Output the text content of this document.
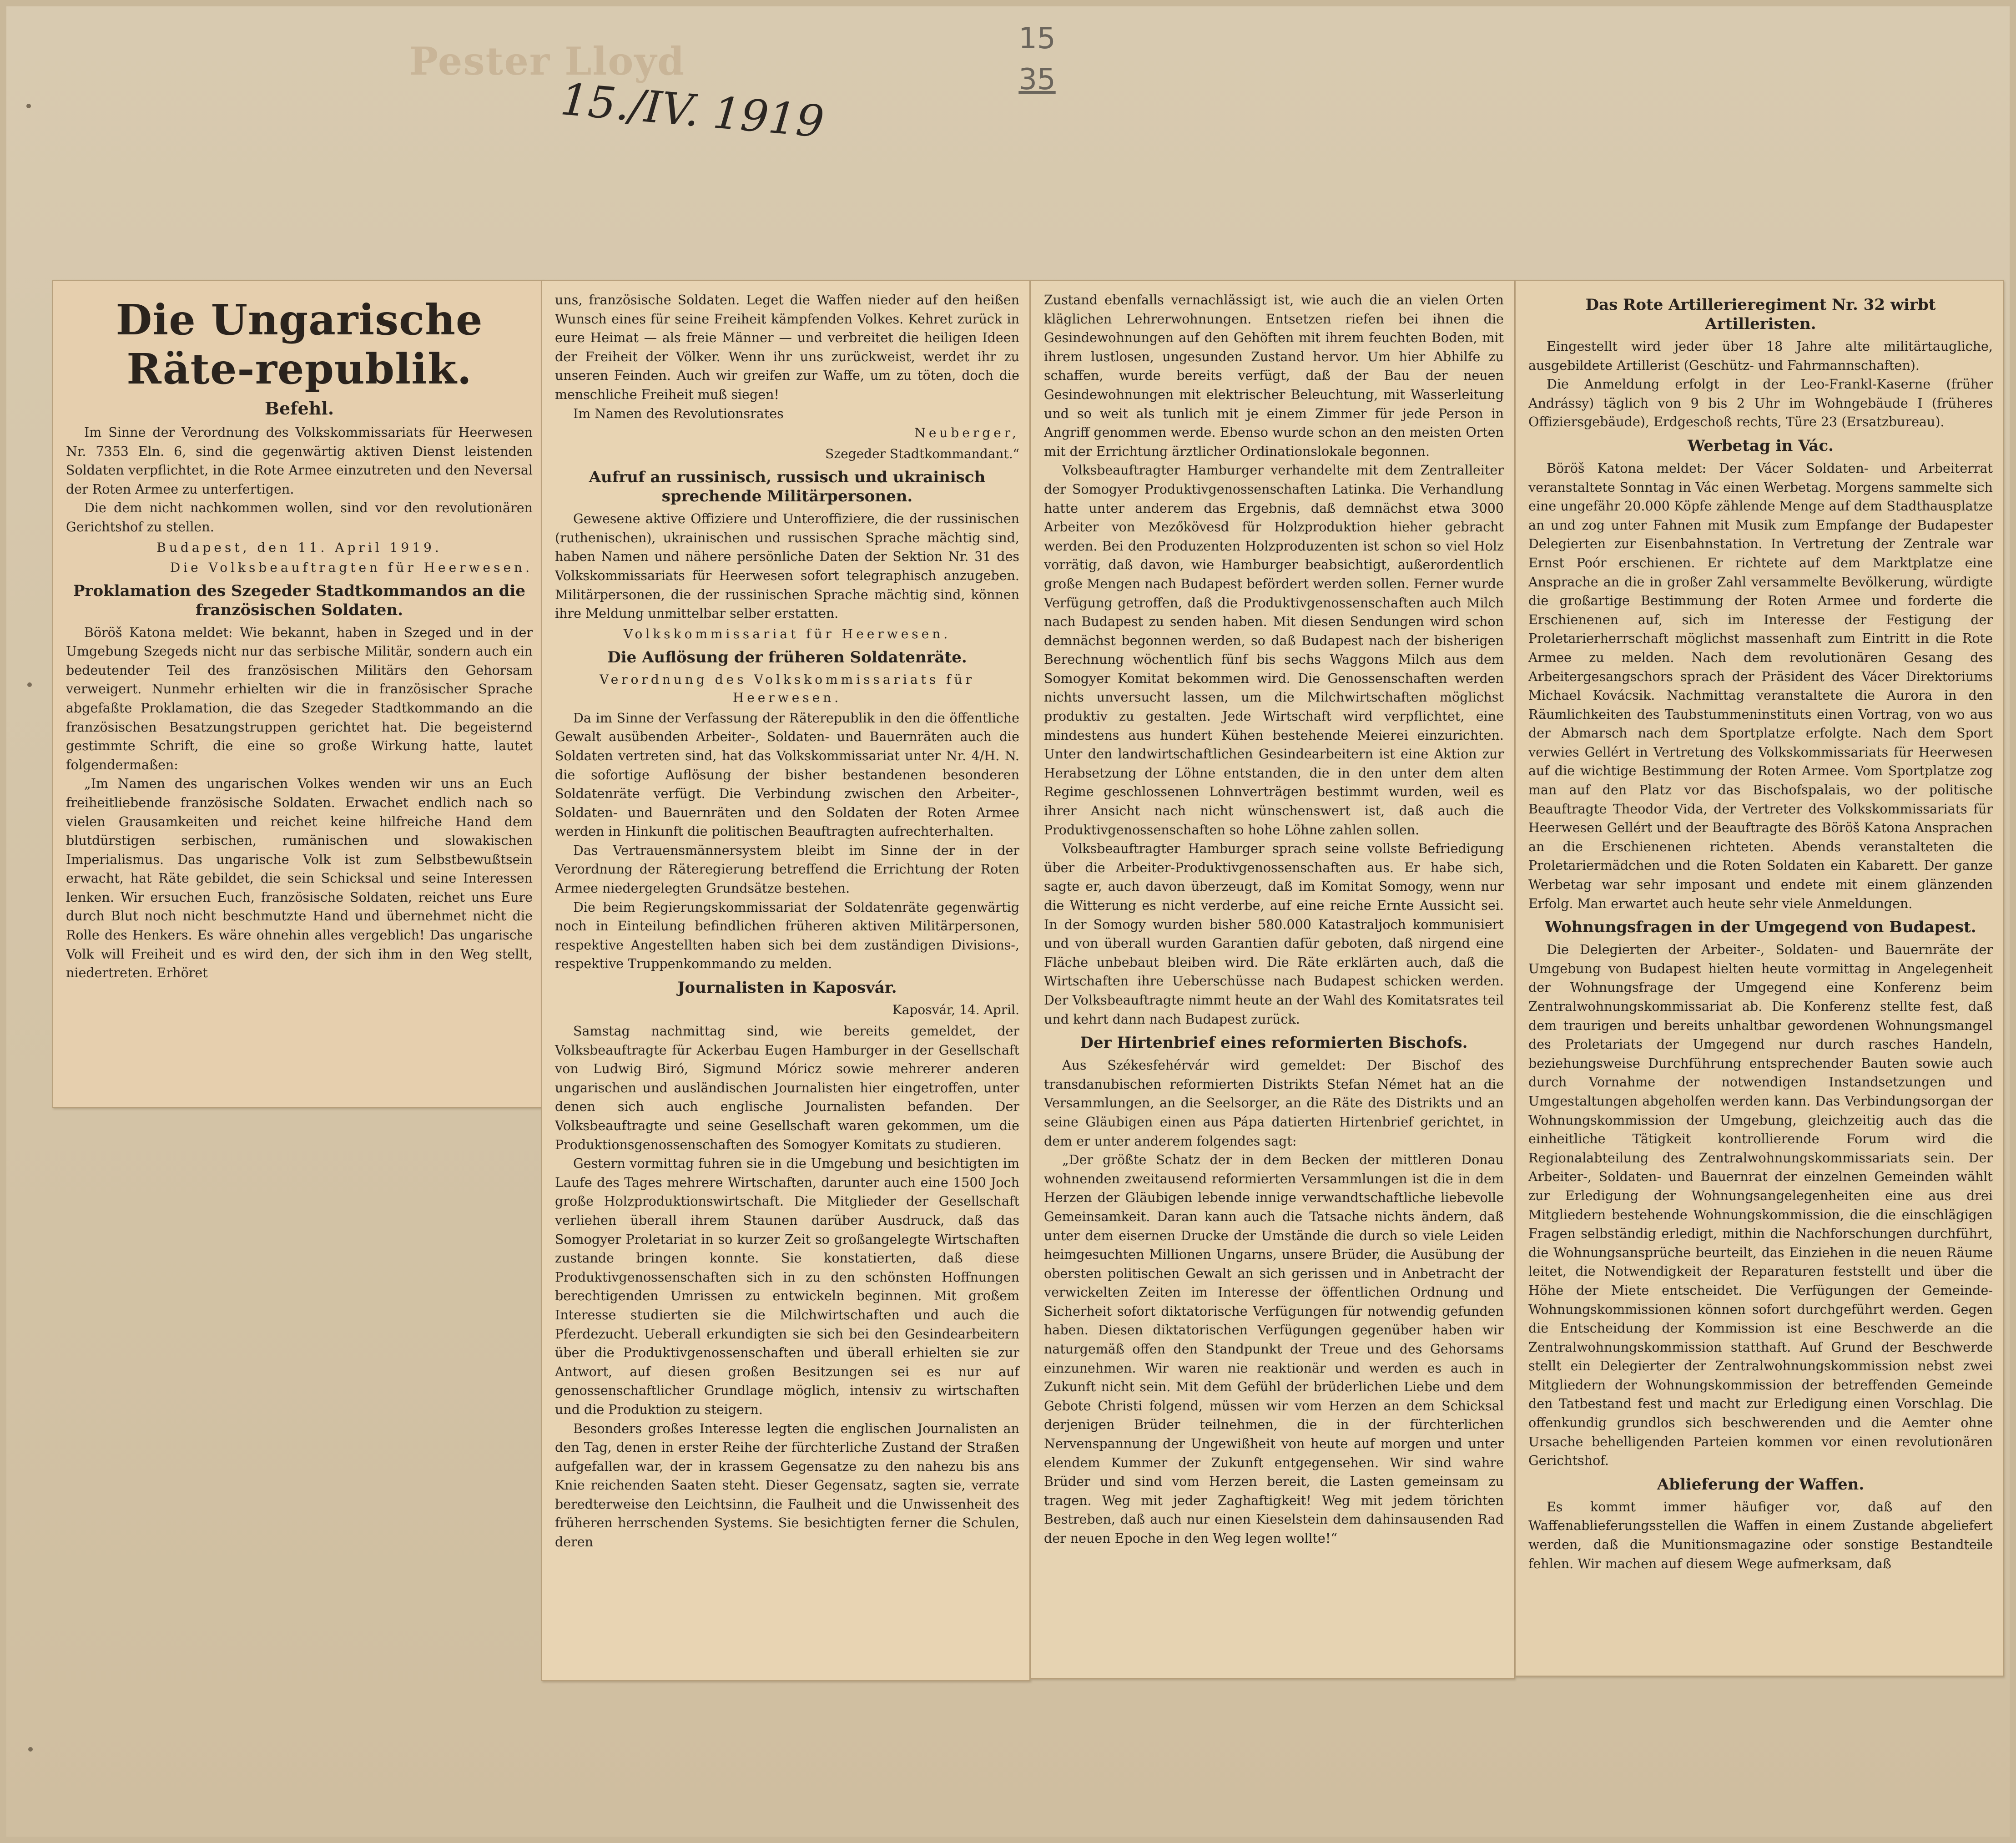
Pester Lloyd
15./IV. 1919
15
35
Die Ungarische Räte-republik.
Befehl.

Im Sinne der Verordnung des Volkskommissariats für Heerwesen Nr. 7353 Eln. 6, sind die gegenwärtig aktiven Dienst leistenden Soldaten verpflichtet, in die Rote Armee einzutreten und den Neversal der Roten Armee zu unterfertigen.

Die dem nicht nachkommen wollen, sind vor den revolutionären Gerichtshof zu stellen.

Budapest, den 11. April 1919.
Die Volksbeauftragten für Heerwesen.
Proklamation des Szegeder Stadtkommandos an die französischen Soldaten.

Böröš Katona meldet: Wie bekannt, haben in Szeged und in der Umgebung Szegeds nicht nur das serbische Militär, sondern auch ein bedeutender Teil des französischen Militärs den Gehorsam verweigert. Nunmehr erhielten wir die in französischer Sprache abgefaßte Proklamation, die das Szegeder Stadtkommando an die französischen Besatzungstruppen gerichtet hat. Die begeisternd gestimmte Schrift, die eine so große Wirkung hatte, lautet folgendermaßen:

„Im Namen des ungarischen Volkes wenden wir uns an Euch freiheitliebende französische Soldaten. Erwachet endlich nach so vielen Grausamkeiten und reichet keine hilfreiche Hand dem blutdürstigen serbischen, rumänischen und slowakischen Imperialismus. Das ungarische Volk ist zum Selbstbewußtsein erwacht, hat Räte gebildet, die sein Schicksal und seine Interessen lenken. Wir ersuchen Euch, französische Soldaten, reichet uns Eure durch Blut noch nicht beschmutzte Hand und übernehmet nicht die Rolle des Henkers. Es wäre ohnehin alles vergeblich! Das ungarische Volk will Freiheit und es wird den, der sich ihm in den Weg stellt, niedertreten. Erhöret

uns, französische Soldaten. Leget die Waffen nieder auf den heißen Wunsch eines für seine Freiheit kämpfenden Volkes. Kehret zurück in eure Heimat — als freie Männer — und verbreitet die heiligen Ideen der Freiheit der Völker. Wenn ihr uns zurückweist, werdet ihr zu unseren Feinden. Auch wir greifen zur Waffe, um zu töten, doch die menschliche Freiheit muß siegen!

Im Namen des Revolutionsrates

Neuberger,
Szegeder Stadtkommandant.“
Aufruf an russinisch, russisch und ukrainisch sprechende Militärpersonen.

Gewesene aktive Offiziere und Unteroffiziere, die der russinischen (ruthenischen), ukrainischen und russischen Sprache mächtig sind, haben Namen und nähere persönliche Daten der Sektion Nr. 31 des Volkskommissariats für Heerwesen sofort telegraphisch anzugeben. Militärpersonen, die der russinischen Sprache mächtig sind, können ihre Meldung unmittelbar selber erstatten.

Volkskommissariat für Heerwesen.
Die Auflösung der früheren Soldatenräte.
Verordnung des Volkskommissariats für Heerwesen.

Da im Sinne der Verfassung der Räterepublik in den die öffentliche Gewalt ausübenden Arbeiter-, Soldaten- und Bauernräten auch die Soldaten vertreten sind, hat das Volkskommissariat unter Nr. 4/H. N. die sofortige Auflösung der bisher bestandenen besonderen Soldatenräte verfügt. Die Verbindung zwischen den Arbeiter-, Soldaten- und Bauernräten und den Soldaten der Roten Armee werden in Hinkunft die politischen Beauftragten aufrechterhalten.

Das Vertrauensmännersystem bleibt im Sinne der in der Verordnung der Räteregierung betreffend die Errichtung der Roten Armee niedergelegten Grundsätze bestehen.

Die beim Regierungskommissariat der Soldatenräte gegenwärtig noch in Einteilung befindlichen früheren aktiven Militärpersonen, respektive Angestellten haben sich bei dem zuständigen Divisions-, respektive Truppenkommando zu melden.

Journalisten in Kaposvár.
Kaposvár, 14. April.

Samstag nachmittag sind, wie bereits gemeldet, der Volksbeauftragte für Ackerbau Eugen Hamburger in der Gesellschaft von Ludwig Biró, Sigmund Móricz sowie mehrerer anderen ungarischen und ausländischen Journalisten hier eingetroffen, unter denen sich auch englische Journalisten befanden. Der Volksbeauftragte und seine Gesellschaft waren gekommen, um die Produktionsgenossenschaften des Somogyer Komitats zu studieren.

Gestern vormittag fuhren sie in die Umgebung und besichtigten im Laufe des Tages mehrere Wirtschaften, darunter auch eine 1500 Joch große Holzproduktionswirtschaft. Die Mitglieder der Gesellschaft verliehen überall ihrem Staunen darüber Ausdruck, daß das Somogyer Proletariat in so kurzer Zeit so großangelegte Wirtschaften zustande bringen konnte. Sie konstatierten, daß diese Produktivgenossenschaften sich in zu den schönsten Hoffnungen berechtigenden Umrissen zu entwickeln beginnen. Mit großem Interesse studierten sie die Milchwirtschaften und auch die Pferdezucht. Ueberall erkundigten sie sich bei den Gesindearbeitern über die Produktivgenossenschaften und überall erhielten sie zur Antwort, auf diesen großen Besitzungen sei es nur auf genossenschaftlicher Grundlage möglich, intensiv zu wirtschaften und die Produktion zu steigern.

Besonders großes Interesse legten die englischen Journalisten an den Tag, denen in erster Reihe der fürchterliche Zustand der Straßen aufgefallen war, der in krassem Gegensatze zu den nahezu bis ans Knie reichenden Saaten steht. Dieser Gegensatz, sagten sie, verrate beredterweise den Leichtsinn, die Faulheit und die Unwissenheit des früheren herrschenden Systems. Sie besichtigten ferner die Schulen, deren

Zustand ebenfalls vernachlässigt ist, wie auch die an vielen Orten kläglichen Lehrerwohnungen. Entsetzen riefen bei ihnen die Gesindewohnungen auf den Gehöften mit ihrem feuchten Boden, mit ihrem lustlosen, ungesunden Zustand hervor. Um hier Abhilfe zu schaffen, wurde bereits verfügt, daß der Bau der neuen Gesindewohnungen mit elektrischer Beleuchtung, mit Wasserleitung und so weit als tunlich mit je einem Zimmer für jede Person in Angriff genommen werde. Ebenso wurde schon an den meisten Orten mit der Errichtung ärztlicher Ordinationslokale begonnen.

Volksbeauftragter Hamburger verhandelte mit dem Zentralleiter der Somogyer Produktivgenossenschaften Latinka. Die Verhandlung hatte unter anderem das Ergebnis, daß demnächst etwa 3000 Arbeiter von Mezőkövesd für Holzproduktion hieher gebracht werden. Bei den Produzenten Holzproduzenten ist schon so viel Holz vorrätig, daß davon, wie Hamburger beabsichtigt, außerordentlich große Mengen nach Budapest befördert werden sollen. Ferner wurde Verfügung getroffen, daß die Produktivgenossenschaften auch Milch nach Budapest zu senden haben. Mit diesen Sendungen wird schon demnächst begonnen werden, so daß Budapest nach der bisherigen Berechnung wöchentlich fünf bis sechs Waggons Milch aus dem Somogyer Komitat bekommen wird. Die Genossenschaften werden nichts unversucht lassen, um die Milchwirtschaften möglichst produktiv zu gestalten. Jede Wirtschaft wird verpflichtet, eine mindestens aus hundert Kühen bestehende Meierei einzurichten. Unter den landwirtschaftlichen Gesindearbeitern ist eine Aktion zur Herabsetzung der Löhne entstanden, die in den unter dem alten Regime geschlossenen Lohnverträgen bestimmt wurden, weil es ihrer Ansicht nach nicht wünschenswert ist, daß auch die Produktivgenossenschaften so hohe Löhne zahlen sollen.

Volksbeauftragter Hamburger sprach seine vollste Befriedigung über die Arbeiter-Produktivgenossenschaften aus. Er habe sich, sagte er, auch davon überzeugt, daß im Komitat Somogy, wenn nur die Witterung es nicht verderbe, auf eine reiche Ernte Aussicht sei. In der Somogy wurden bisher 580.000 Katastraljoch kommunisiert und von überall wurden Garantien dafür geboten, daß nirgend eine Fläche unbebaut bleiben wird. Die Räte erklärten auch, daß die Wirtschaften ihre Ueberschüsse nach Budapest schicken werden. Der Volksbeauftragte nimmt heute an der Wahl des Komitatsrates teil und kehrt dann nach Budapest zurück.

Der Hirtenbrief eines reformierten Bischofs.

Aus Székesfehérvár wird gemeldet: Der Bischof des transdanubischen reformierten Distrikts Stefan Német hat an die Versammlungen, an die Seelsorger, an die Räte des Distrikts und an seine Gläubigen einen aus Pápa datierten Hirtenbrief gerichtet, in dem er unter anderem folgendes sagt:

„Der größte Schatz der in dem Becken der mittleren Donau wohnenden zweitausend reformierten Versammlungen ist die in dem Herzen der Gläubigen lebende innige verwandtschaftliche liebevolle Gemeinsamkeit. Daran kann auch die Tatsache nichts ändern, daß unter dem eisernen Drucke der Umstände die durch so viele Leiden heimgesuchten Millionen Ungarns, unsere Brüder, die Ausübung der obersten politischen Gewalt an sich gerissen und in Anbetracht der verwickelten Zeiten im Interesse der öffentlichen Ordnung und Sicherheit sofort diktatorische Verfügungen für notwendig gefunden haben. Diesen diktatorischen Verfügungen gegenüber haben wir naturgemäß offen den Standpunkt der Treue und des Gehorsams einzunehmen. Wir waren nie reaktionär und werden es auch in Zukunft nicht sein. Mit dem Gefühl der brüderlichen Liebe und dem Gebote Christi folgend, müssen wir vom Herzen an dem Schicksal derjenigen Brüder teilnehmen, die in der fürchterlichen Nervenspannung der Ungewißheit von heute auf morgen und unter elendem Kummer der Zukunft entgegensehen. Wir sind wahre Brüder und sind vom Herzen bereit, die Lasten gemeinsam zu tragen. Weg mit jeder Zaghaftigkeit! Weg mit jedem törichten Bestreben, daß auch nur einen Kieselstein dem dahinsausenden Rad der neuen Epoche in den Weg legen wollte!“

Das Rote Artillerieregiment Nr. 32 wirbt Artilleristen.

Eingestellt wird jeder über 18 Jahre alte militärtaugliche, ausgebildete Artillerist (Geschütz- und Fahrmannschaften).

Die Anmeldung erfolgt in der Leo-Frankl-Kaserne (früher Andrássy) täglich von 9 bis 2 Uhr im Wohngebäude I (früheres Offiziersgebäude), Erdgeschoß rechts, Türe 23 (Ersatzbureau).

Werbetag in Vác.

Böröš Katona meldet: Der Vácer Soldaten- und Arbeiterrat veranstaltete Sonntag in Vác einen Werbetag. Morgens sammelte sich eine ungefähr 20.000 Köpfe zählende Menge auf dem Stadthausplatze an und zog unter Fahnen mit Musik zum Empfange der Budapester Delegierten zur Eisenbahnstation. In Vertretung der Zentrale war Ernst Poór erschienen. Er richtete auf dem Marktplatze eine Ansprache an die in großer Zahl versammelte Bevölkerung, würdigte die großartige Bestimmung der Roten Armee und forderte die Erschienenen auf, sich im Interesse der Festigung der Proletarierherrschaft möglichst massenhaft zum Eintritt in die Rote Armee zu melden. Nach dem revolutionären Gesang des Arbeitergesangschors sprach der Präsident des Vácer Direktoriums Michael Kovácsik. Nachmittag veranstaltete die Aurora in den Räumlichkeiten des Taubstummeninstituts einen Vortrag, von wo aus der Abmarsch nach dem Sportplatze erfolgte. Nach dem Sport verwies Gellért in Vertretung des Volkskommissariats für Heerwesen auf die wichtige Bestimmung der Roten Armee. Vom Sportplatze zog man auf den Platz vor das Bischofspalais, wo der politische Beauftragte Theodor Vida, der Vertreter des Volkskommissariats für Heerwesen Gellért und der Beauftragte des Böröš Katona Ansprachen an die Erschienenen richteten. Abends veranstalteten die Proletariermädchen und die Roten Soldaten ein Kabarett. Der ganze Werbetag war sehr imposant und endete mit einem glänzenden Erfolg. Man erwartet auch heute sehr viele Anmeldungen.

Wohnungsfragen in der Umgegend von Budapest.

Die Delegierten der Arbeiter-, Soldaten- und Bauernräte der Umgebung von Budapest hielten heute vormittag in Angelegenheit der Wohnungsfrage der Umgegend eine Konferenz beim Zentralwohnungskommissariat ab. Die Konferenz stellte fest, daß dem traurigen und bereits unhaltbar gewordenen Wohnungsmangel des Proletariats der Umgegend nur durch rasches Handeln, beziehungsweise Durchführung entsprechender Bauten sowie auch durch Vornahme der notwendigen Instandsetzungen und Umgestaltungen abgeholfen werden kann. Das Verbindungsorgan der Wohnungskommission der Umgebung, gleichzeitig auch das die einheitliche Tätigkeit kontrollierende Forum wird die Regionalabteilung des Zentralwohnungskommissariats sein. Der Arbeiter-, Soldaten- und Bauernrat der einzelnen Gemeinden wählt zur Erledigung der Wohnungsangelegenheiten eine aus drei Mitgliedern bestehende Wohnungskommission, die die einschlägigen Fragen selbständig erledigt, mithin die Nachforschungen durchführt, die Wohnungsansprüche beurteilt, das Einziehen in die neuen Räume leitet, die Notwendigkeit der Reparaturen feststellt und über die Höhe der Miete entscheidet. Die Verfügungen der Gemeinde-Wohnungskommissionen können sofort durchgeführt werden. Gegen die Entscheidung der Kommission ist eine Beschwerde an die Zentralwohnungskommission statthaft. Auf Grund der Beschwerde stellt ein Delegierter der Zentralwohnungskommission nebst zwei Mitgliedern der Wohnungskommission der betreffenden Gemeinde den Tatbestand fest und macht zur Erledigung einen Vorschlag. Die offenkundig grundlos sich beschwerenden und die Aemter ohne Ursache behelligenden Parteien kommen vor einen revolutionären Gerichtshof.

Ablieferung der Waffen.

Es kommt immer häufiger vor, daß auf den Waffenablieferungsstellen die Waffen in einem Zustande abgeliefert werden, daß die Munitionsmagazine oder sonstige Bestandteile fehlen. Wir machen auf diesem Wege aufmerksam, daß
